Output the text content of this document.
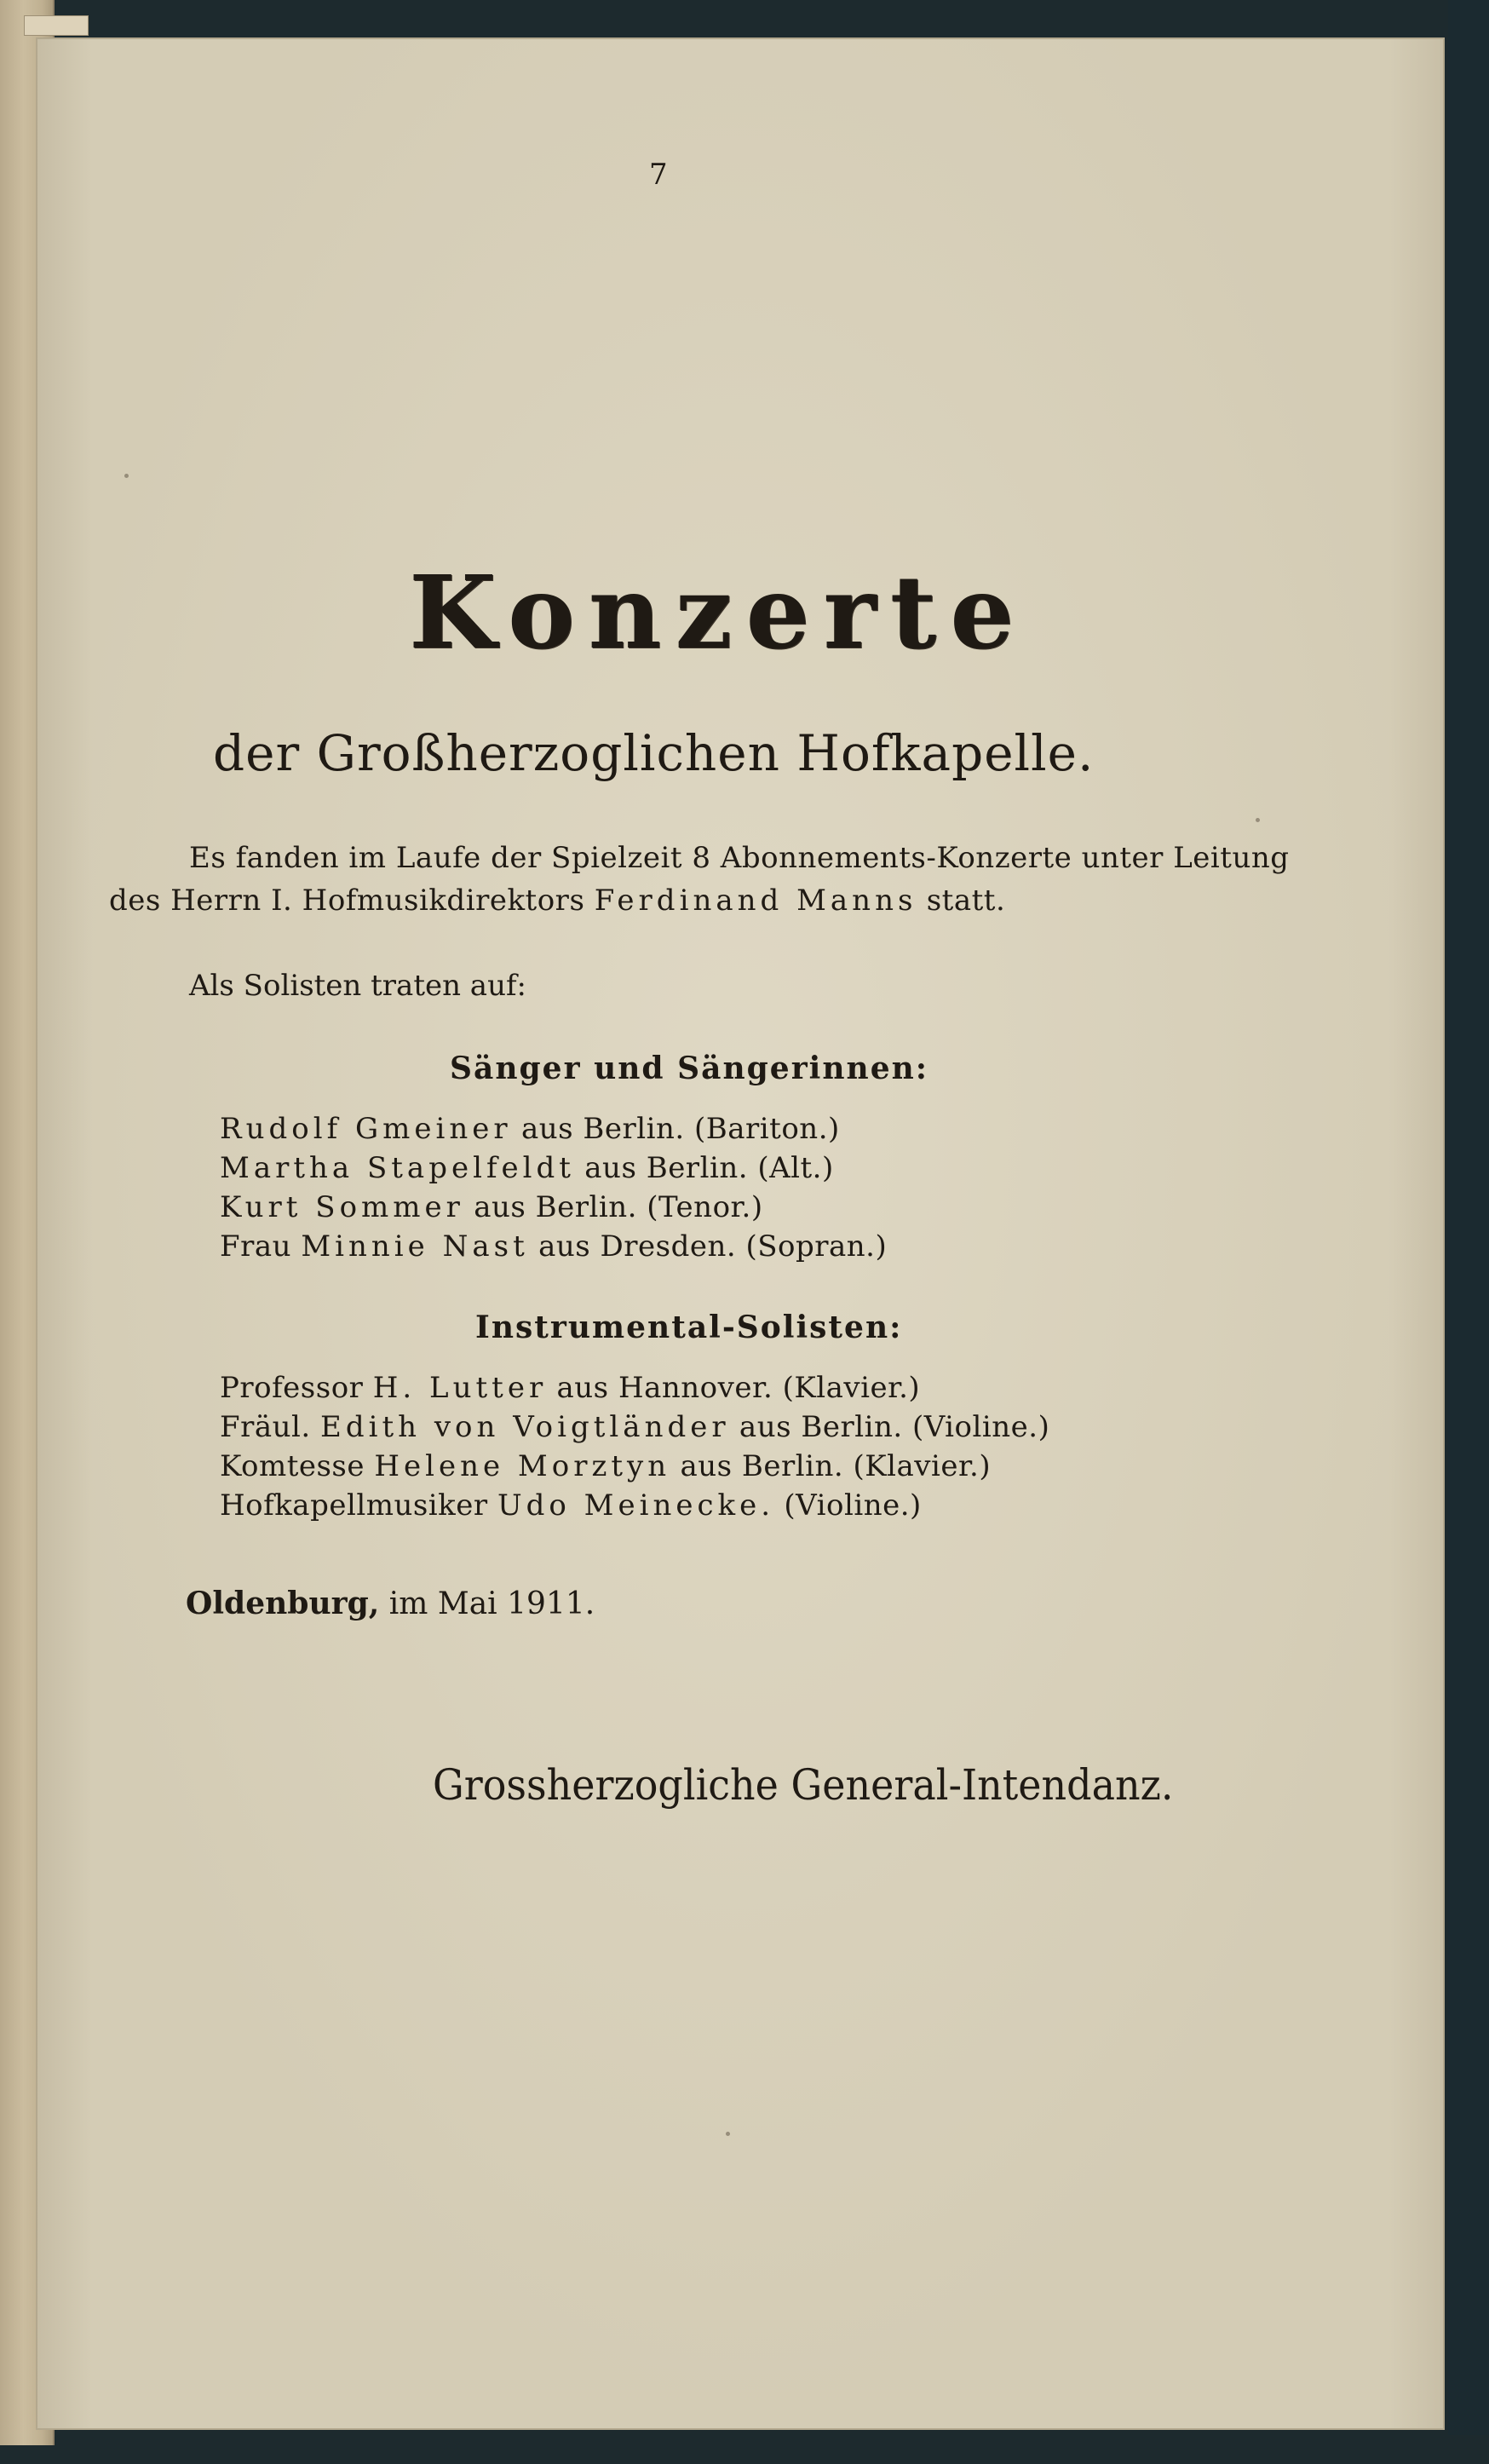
7
Konzerte
der Großherzoglichen Hofkapelle.
Es fanden im Laufe der Spielzeit 8 Abonnements-Konzerte unter Leitung
des Herrn I. Hofmusikdirektors Ferdinand Manns statt.
Als Solisten traten auf:
Sänger und Sängerinnen:
Rudolf Gmeiner aus Berlin. (Bariton.)
Martha Stapelfeldt aus Berlin. (Alt.)
Kurt Sommer aus Berlin. (Tenor.)
Frau Minnie Nast aus Dresden. (Sopran.)
Instrumental-Solisten:
Professor H. Lutter aus Hannover. (Klavier.)
Fräul. Edith von Voigtländer aus Berlin. (Violine.)
Komtesse Helene Morztyn aus Berlin. (Klavier.)
Hofkapellmusiker Udo Meinecke. (Violine.)
Oldenburg, im Mai 1911.
Grossherzogliche General-Intendanz.
